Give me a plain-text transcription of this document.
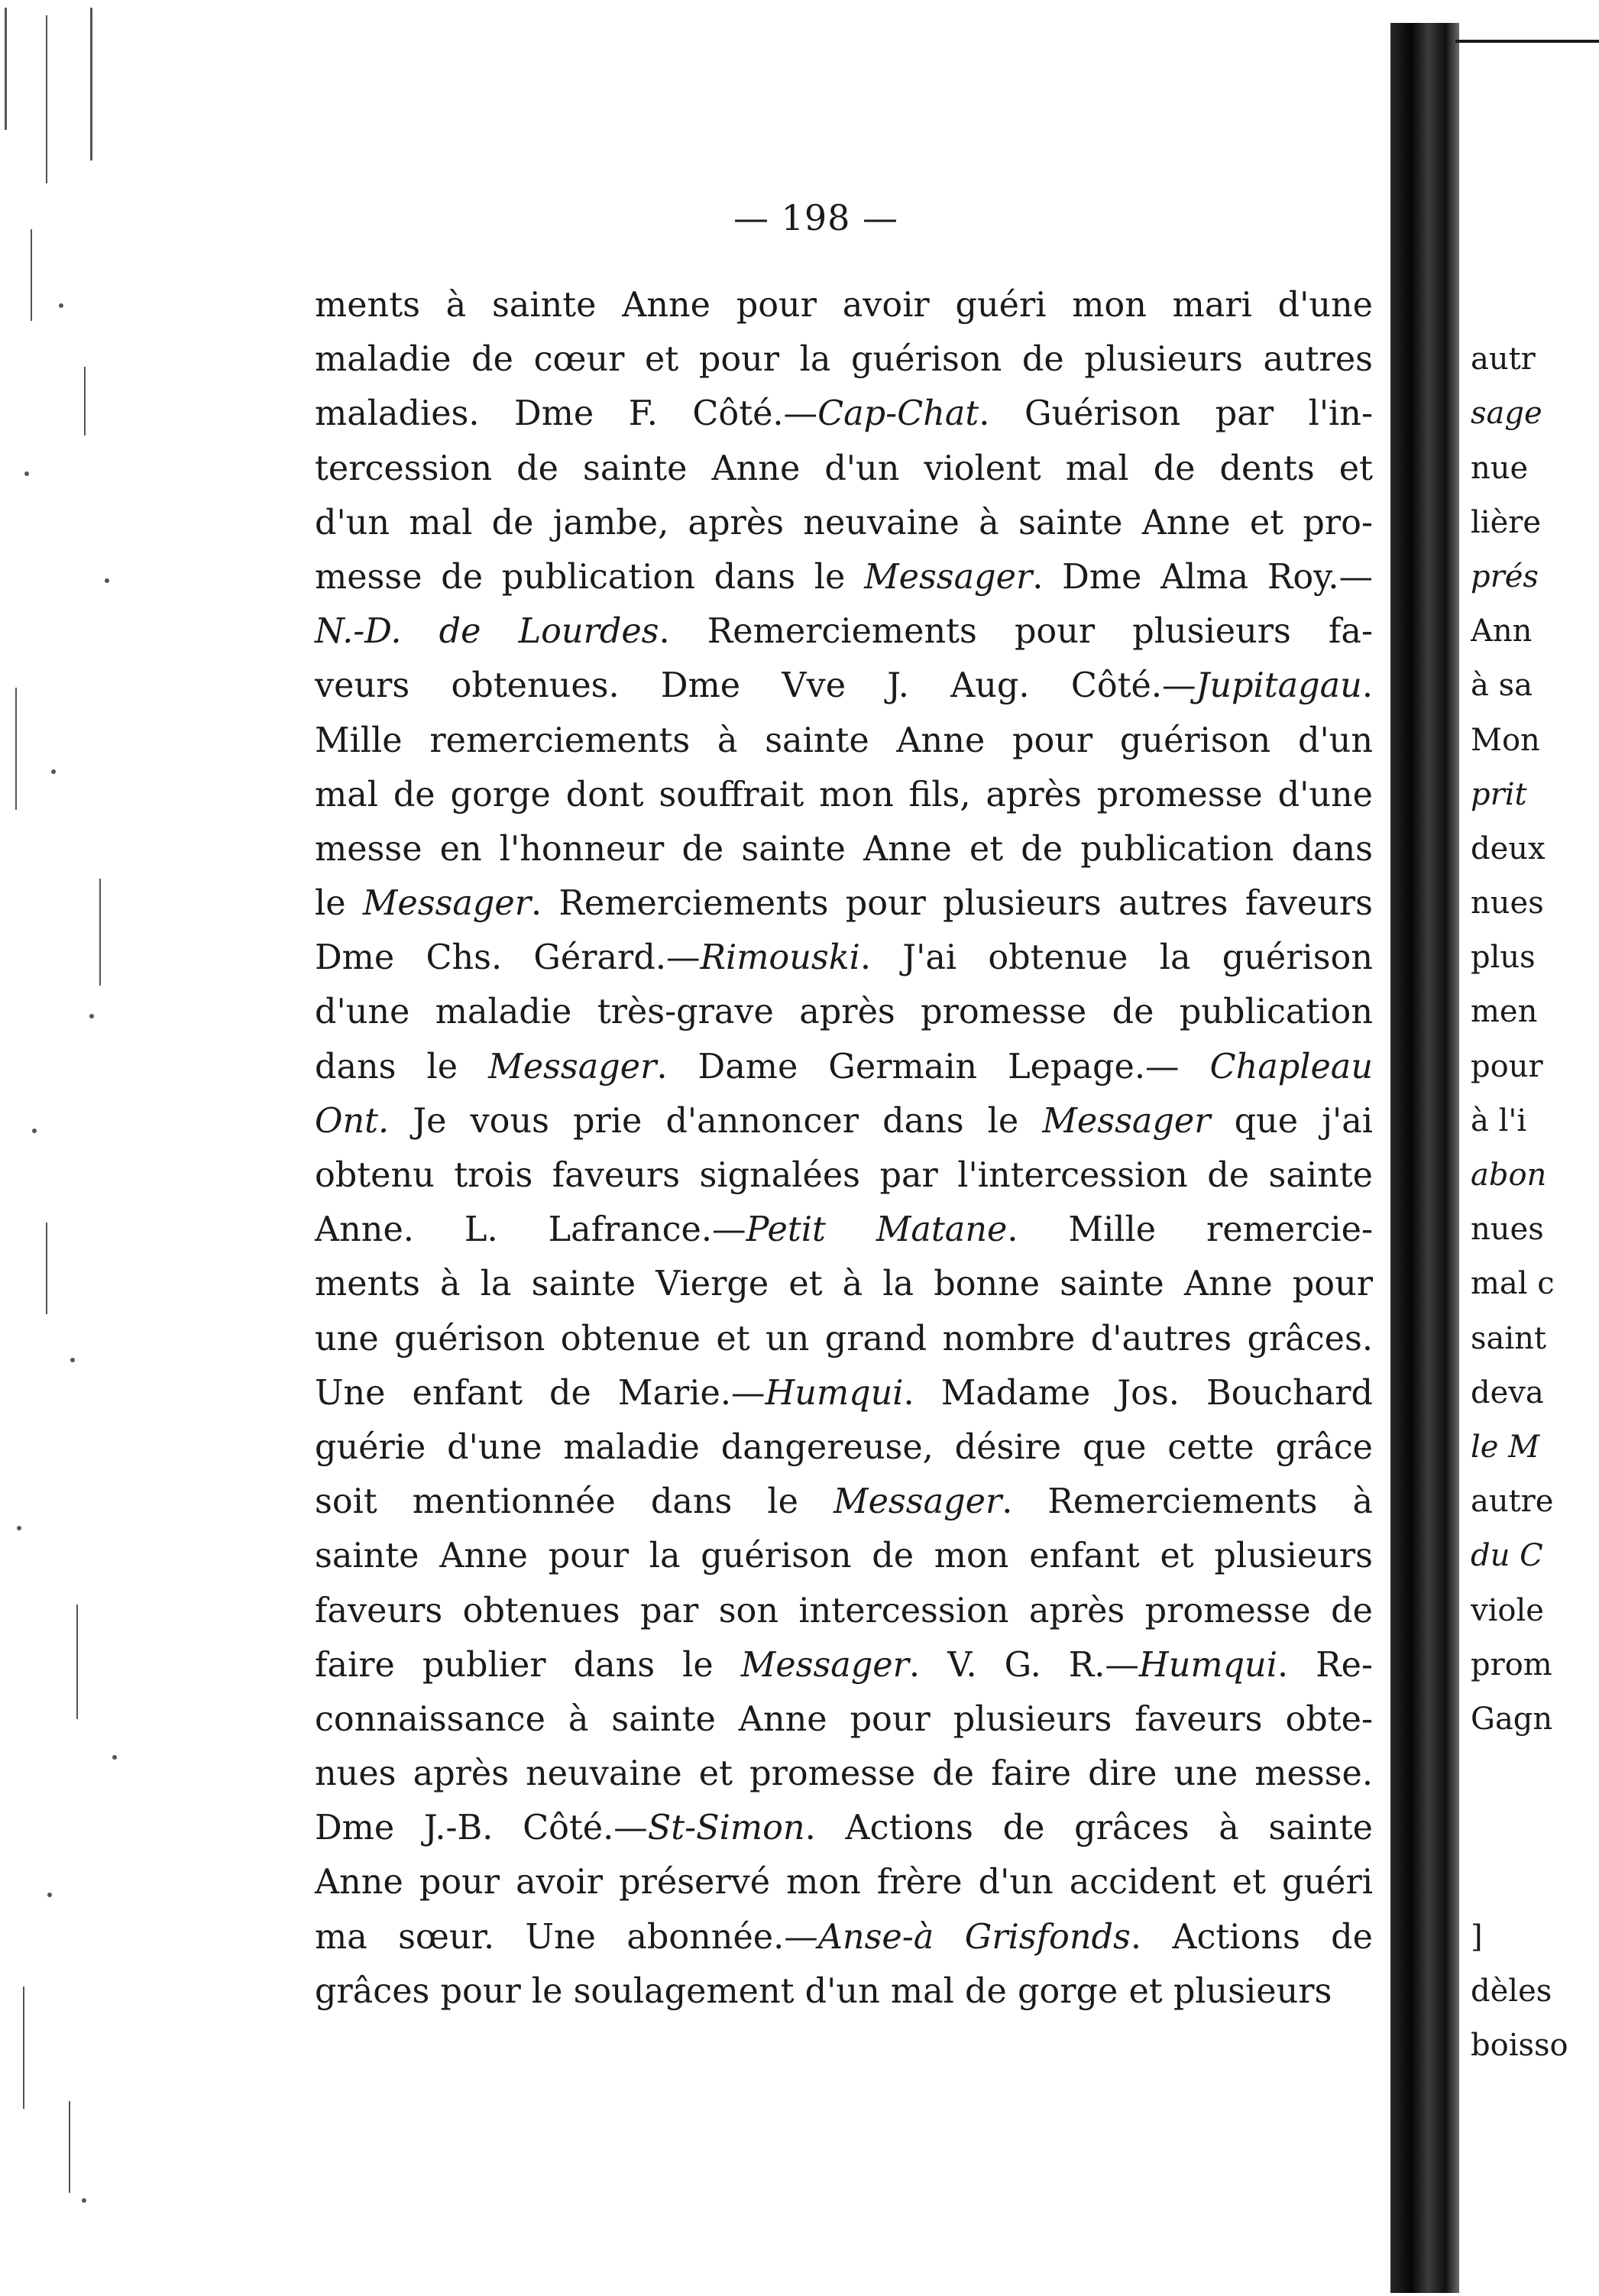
— 198 —
ments à sainte Anne pour avoir guéri mon mari d'une
maladie de cœur et pour la guérison de plusieurs autres
maladies. Dme F. Côté.—Cap-Chat. Guérison par l'in-
tercession de sainte Anne d'un violent mal de dents et
d'un mal de jambe, après neuvaine à sainte Anne et pro-
messe de publication dans le Messager. Dme Alma Roy.—
N.-D. de Lourdes. Remerciements pour plusieurs fa-
veurs obtenues. Dme Vve J. Aug. Côté.—Jupitagau.
Mille remerciements à sainte Anne pour guérison d'un
mal de gorge dont souffrait mon fils, après promesse d'une
messe en l'honneur de sainte Anne et de publication dans
le Messager. Remerciements pour plusieurs autres faveurs
Dme Chs. Gérard.—Rimouski. J'ai obtenue la guérison
d'une maladie très-grave après promesse de publication
dans le Messager. Dame Germain Lepage.— Chapleau
Ont. Je vous prie d'annoncer dans le Messager que j'ai
obtenu trois faveurs signalées par l'intercession de sainte
Anne. L. Lafrance.—Petit Matane. Mille remercie-
ments à la sainte Vierge et à la bonne sainte Anne pour
une guérison obtenue et un grand nombre d'autres grâces.
Une enfant de Marie.—Humqui. Madame Jos. Bouchard
guérie d'une maladie dangereuse, désire que cette grâce
soit mentionnée dans le Messager. Remerciements à
sainte Anne pour la guérison de mon enfant et plusieurs
faveurs obtenues par son intercession après promesse de
faire publier dans le Messager. V. G. R.—Humqui. Re-
connaissance à sainte Anne pour plusieurs faveurs obte-
nues après neuvaine et promesse de faire dire une messe.
Dme J.-B. Côté.—St-Simon. Actions de grâces à sainte
Anne pour avoir préservé mon frère d'un accident et guéri
ma sœur. Une abonnée.—Anse-à Grisfonds. Actions de
grâces pour le soulagement d'un mal de gorge et plusieurs
autr
sage
nue
lière
prés
Ann
à sa
Mon
prit
deux
nues
plus
men
pour
à l'i
abon
nues
mal c
saint
deva
le M
autre
du C
viole
prom
Gagn
]
dèles
boisso
